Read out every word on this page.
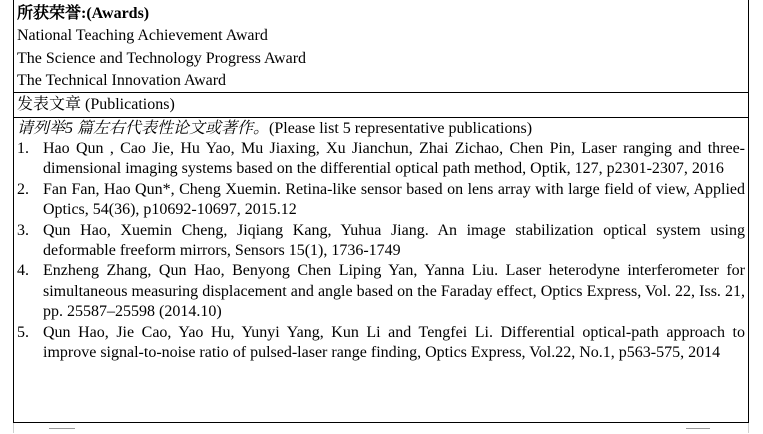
所获荣誉:(Awards)
National Teaching Achievement Award
The Science and Technology Progress Award
The Technical Innovation Award
发表文章 (Publications)
请列举5 篇左右代表性论文或著作。(Please list 5 representative publications)
1. Hao Qun , Cao Jie, Hu Yao, Mu Jiaxing, Xu Jianchun, Zhai Zichao, Chen Pin, Laser ranging and three-dimensional imaging systems based on the differential optical path method, Optik, 127, p2301-2307, 2016
2. Fan Fan, Hao Qun*, Cheng Xuemin. Retina-like sensor based on lens array with large field of view, Applied Optics, 54(36), p10692-10697, 2015.12
3. Qun Hao, Xuemin Cheng, Jiqiang Kang, Yuhua Jiang. An image stabilization optical system using deformable freeform mirrors, Sensors 15(1), 1736-1749
4. Enzheng Zhang, Qun Hao, Benyong Chen Liping Yan, Yanna Liu. Laser heterodyne interferometer for simultaneous measuring displacement and angle based on the Faraday effect, Optics Express, Vol. 22, Iss. 21, pp. 25587–25598 (2014.10)
5. Qun Hao, Jie Cao, Yao Hu, Yunyi Yang, Kun Li and Tengfei Li. Differential optical-path approach to improve signal-to-noise ratio of pulsed-laser range finding, Optics Express, Vol.22, No.1, p563-575, 2014
